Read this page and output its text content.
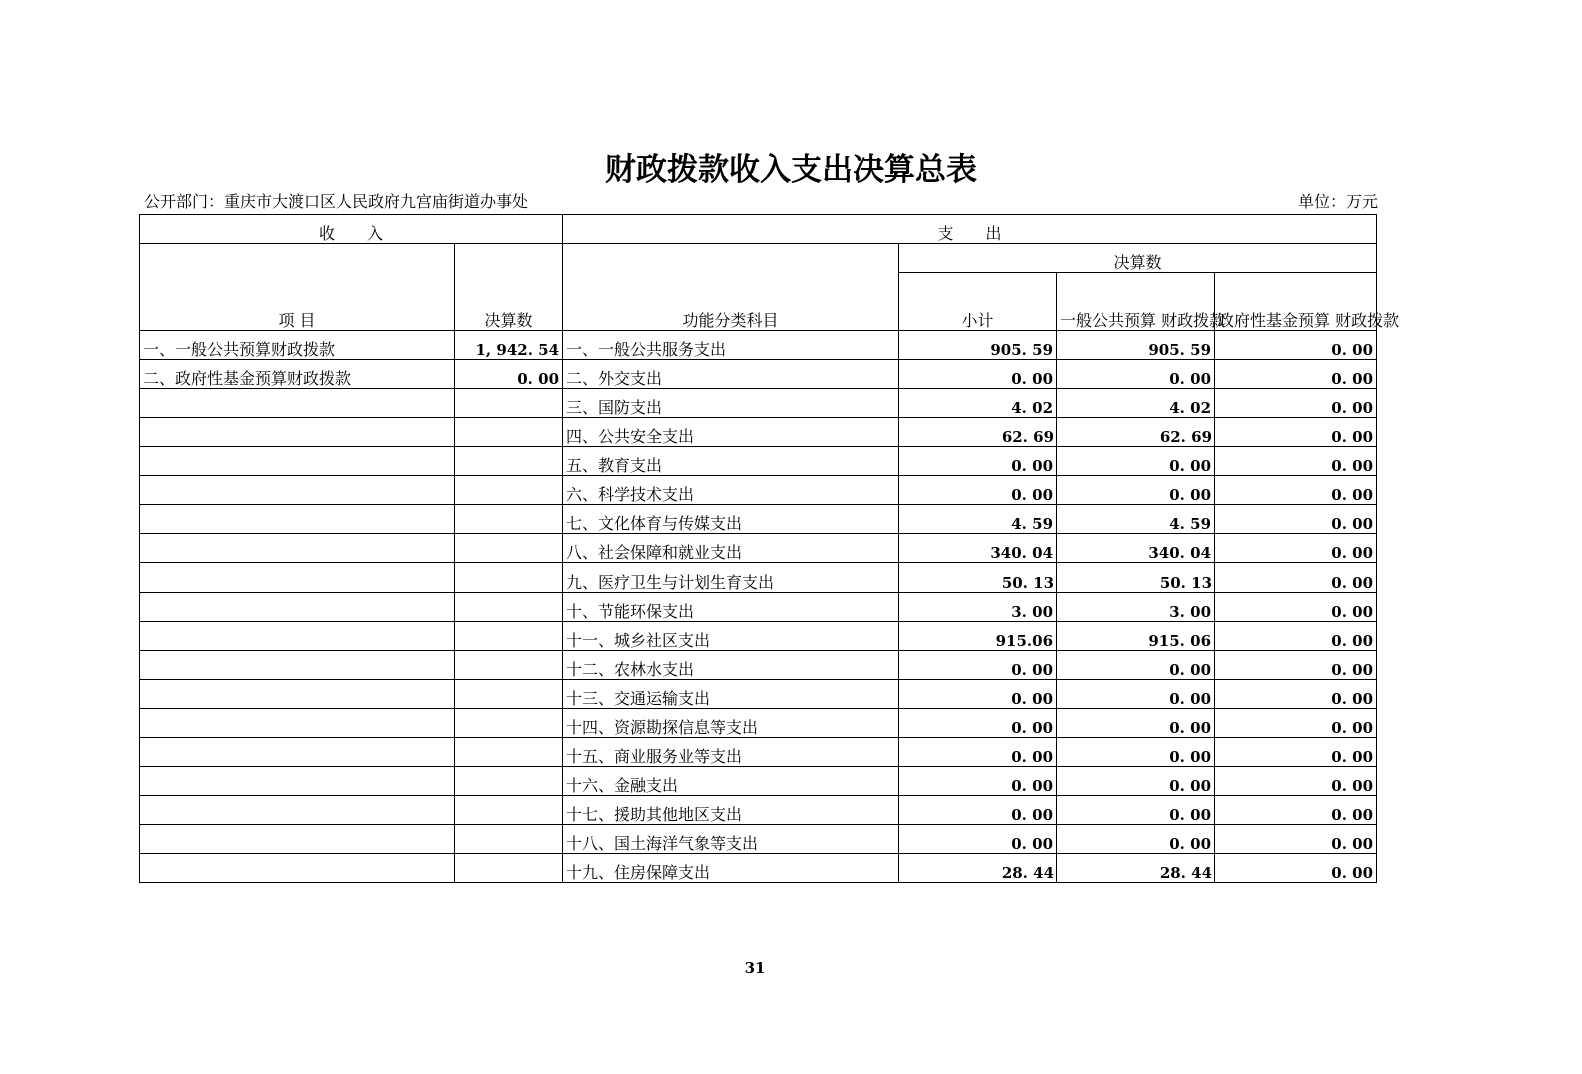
财政拨款收入支出决算总表
公开部门：重庆市大渡口区人民政府九宫庙街道办事处	单位：万元
收　　入		支　　出			
项 目	决算数	功能分类科目	决算数		
			小计	一般公共预算 财政拨款	政府性基金预算 财政拨款
一、一般公共预算财政拨款	1, 942. 54	一、一般公共服务支出	905. 59	905. 59	0. 00
二、政府性基金预算财政拨款	0. 00	二、外交支出	0. 00	0. 00	0. 00
		三、国防支出	4. 02	4. 02	0. 00
		四、公共安全支出	62. 69	62. 69	0. 00
		五、教育支出	0. 00	0. 00	0. 00
		六、科学技术支出	0. 00	0. 00	0. 00
		七、文化体育与传媒支出	4. 59	4. 59	0. 00
		八、社会保障和就业支出	340. 04	340. 04	0. 00
		九、医疗卫生与计划生育支出	50. 13	50. 13	0. 00
		十、节能环保支出	3. 00	3. 00	0. 00
		十一、城乡社区支出	915.06	915. 06	0. 00
		十二、农林水支出	0. 00	0. 00	0. 00
		十三、交通运输支出	0. 00	0. 00	0. 00
		十四、资源勘探信息等支出	0. 00	0. 00	0. 00
		十五、商业服务业等支出	0. 00	0. 00	0. 00
		十六、金融支出	0. 00	0. 00	0. 00
		十七、援助其他地区支出	0. 00	0. 00	0. 00
		十八、国土海洋气象等支出	0. 00	0. 00	0. 00
		十九、住房保障支出	28. 44	28. 44	0. 00
31
